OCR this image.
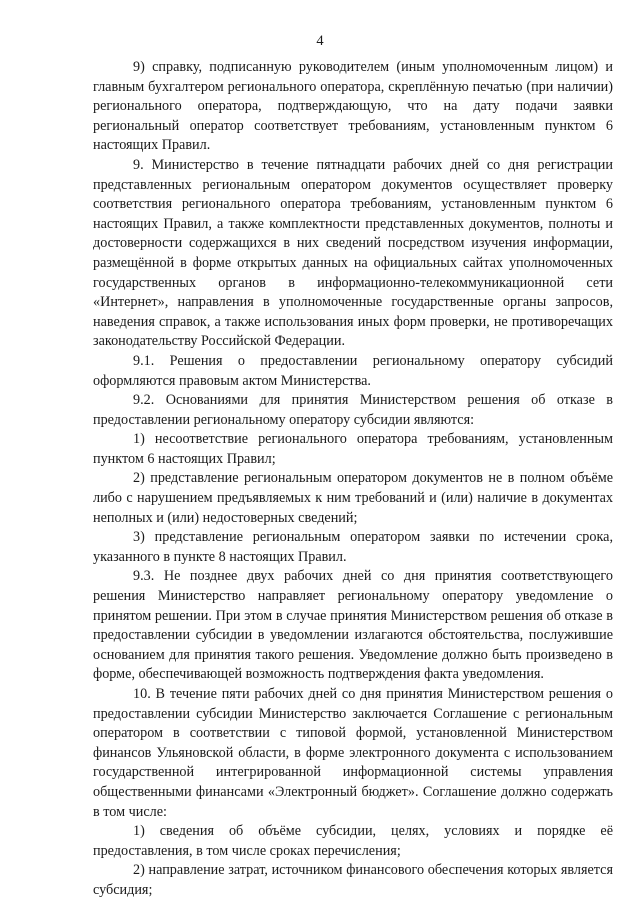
4

9) справку, подписанную руководителем (иным уполномоченным лицом) и главным бухгалтером регионального оператора, скреплённую печатью (при наличии) регионального оператора, подтверждающую, что на дату подачи заявки региональный оператор соответствует требованиям, установленным пунктом 6 настоящих Правил.

9. Министерство в течение пятнадцати рабочих дней со дня регистрации представленных региональным оператором документов осуществляет проверку соответствия регионального оператора требованиям, установленным пунктом 6 настоящих Правил, а также комплектности представленных документов, полноты и достоверности содержащихся в них сведений посредством изучения информации, размещённой в форме открытых данных на официальных сайтах уполномоченных государственных органов в информационно-телекоммуникационной сети «Интернет», направления в уполномоченные государственные органы запросов, наведения справок, а также использования иных форм проверки, не противоречащих законодательству Российской Федерации.

9.1. Решения о предоставлении региональному оператору субсидий оформляются правовым актом Министерства.

9.2. Основаниями для принятия Министерством решения об отказе в предоставлении региональному оператору субсидии являются:

1) несоответствие регионального оператора требованиям, установленным пунктом 6 настоящих Правил;

2) представление региональным оператором документов не в полном объёме либо с нарушением предъявляемых к ним требований и (или) наличие в документах неполных и (или) недостоверных сведений;

3) представление региональным оператором заявки по истечении срока, указанного в пункте 8 настоящих Правил.

9.3. Не позднее двух рабочих дней со дня принятия соответствующего решения Министерство направляет региональному оператору уведомление о принятом решении. При этом в случае принятия Министерством решения об отказе в предоставлении субсидии в уведомлении излагаются обстоятельства, послужившие основанием для принятия такого решения. Уведомление должно быть произведено в форме, обеспечивающей возможность подтверждения факта уведомления.

10. В течение пяти рабочих дней со дня принятия Министерством решения о предоставлении субсидии Министерство заключается Соглашение с региональным оператором в соответствии с типовой формой, установленной Министерством финансов Ульяновской области, в форме электронного документа с использованием государственной интегрированной информационной системы управления общественными финансами «Электронный бюджет». Соглашение должно содержать в том числе:

1) сведения об объёме субсидии, целях, условиях и порядке её предоставления, в том числе сроках перечисления;

2) направление затрат, источником финансового обеспечения которых является субсидия;
